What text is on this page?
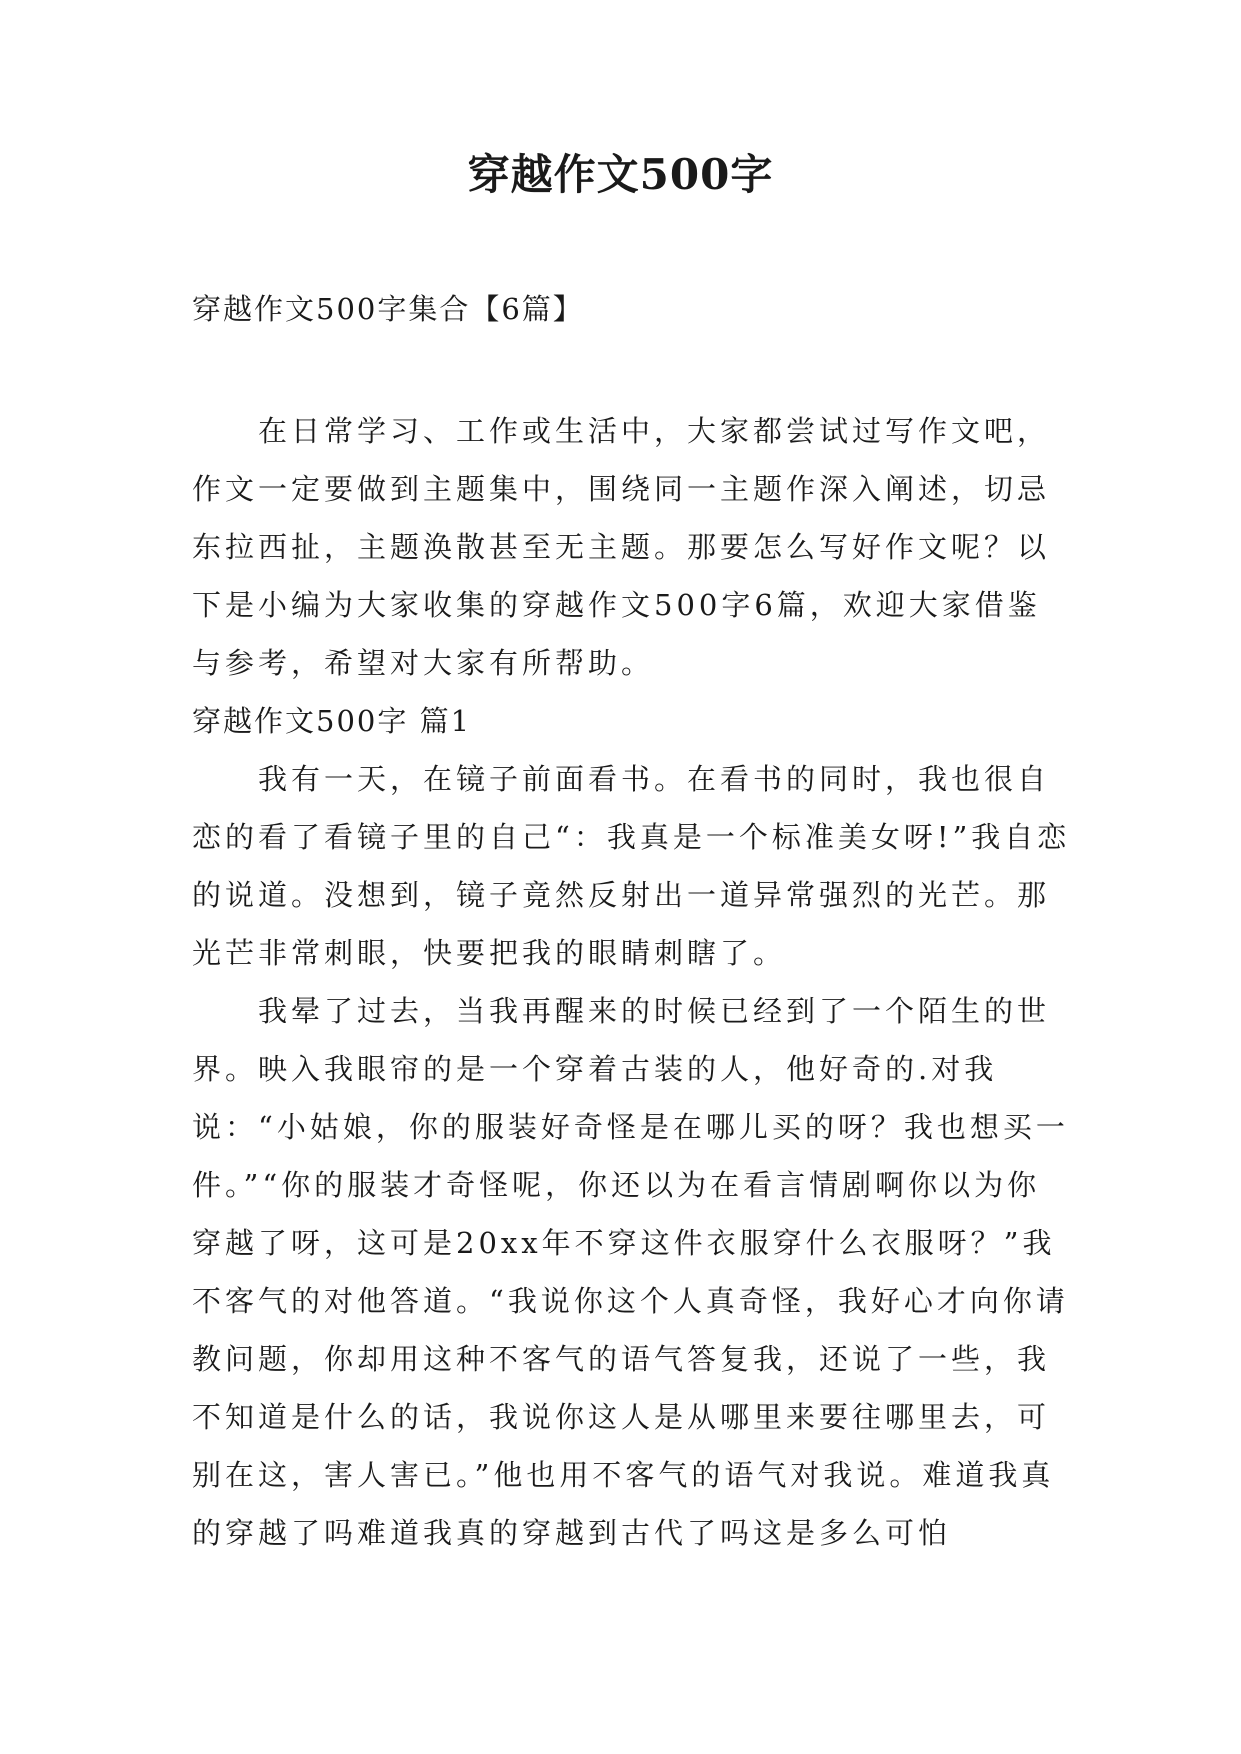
穿越作文500字
穿越作文500字集合【6篇】

在日常学习、工作或生活中，大家都尝试过写作文吧，作文一定要做到主题集中，围绕同一主题作深入阐述，切忌东拉西扯，主题涣散甚至无主题。那要怎么写好作文呢？以下是小编为大家收集的穿越作文500字6篇，欢迎大家借鉴与参考，希望对大家有所帮助。

穿越作文500字 篇1

我有一天，在镜子前面看书。在看书的同时，我也很自恋的看了看镜子里的自己“：我真是一个标准美女呀!”我自恋的说道。没想到，镜子竟然反射出一道异常强烈的光芒。那光芒非常刺眼，快要把我的眼睛刺瞎了。

我晕了过去，当我再醒来的时候已经到了一个陌生的世界。映入我眼帘的是一个穿着古装的人，他好奇的.对我说：“小姑娘，你的服装好奇怪是在哪儿买的呀？我也想买一件。”“你的服装才奇怪呢，你还以为在看言情剧啊你以为你穿越了呀，这可是20xx年不穿这件衣服穿什么衣服呀？”我不客气的对他答道。“我说你这个人真奇怪，我好心才向你请教问题，你却用这种不客气的语气答复我，还说了一些，我不知道是什么的话，我说你这人是从哪里来要往哪里去，可别在这，害人害已。”他也用不客气的语气对我说。难道我真的穿越了吗难道我真的穿越到古代了吗这是多么可怕
